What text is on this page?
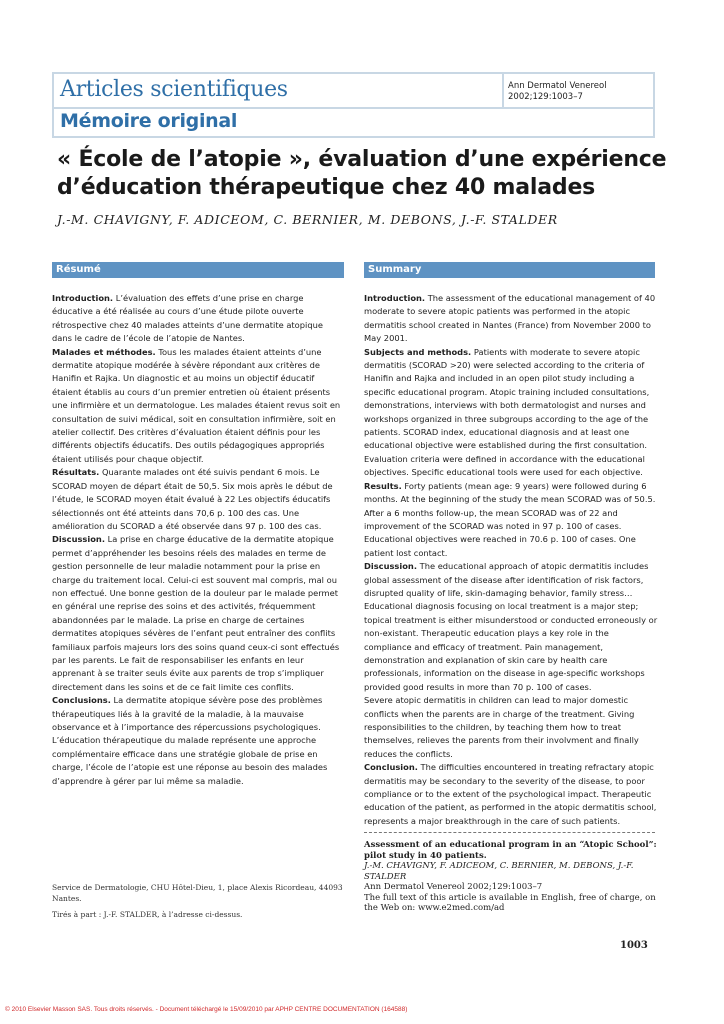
Articles scientifiques
Mémoire original
Ann Dermatol Venereol
2002;129:1003–7
« École de l’atopie », évaluation d’une expérience
d’éducation thérapeutique chez 40 malades
J.-M. CHAVIGNY, F. ADICEOM, C. BERNIER, M. DEBONS, J.-F. STALDER
Résumé	Summary

Introduction. L’évaluation des effets d’une prise en charge éducative a été réalisée au cours d’une étude pilote ouverte rétrospective chez 40 malades atteints d’une dermatite atopique dans le cadre de l’école de l’atopie de Nantes.

Malades et méthodes. Tous les malades étaient atteints d’une dermatite atopique modérée à sévère répondant aux critères de Hanifin et Rajka. Un diagnostic et au moins un objectif éducatif étaient établis au cours d’un premier entretien où étaient présents une infirmière et un dermatologue. Les malades étaient revus soit en consultation de suivi médical, soit en consultation infirmière, soit en atelier collectif. Des critères d’évaluation étaient définis pour les différents objectifs éducatifs. Des outils pédagogiques appropriés étaient utilisés pour chaque objectif.

Résultats. Quarante malades ont été suivis pendant 6 mois. Le SCORAD moyen de départ était de 50,5. Six mois après le début de l’étude, le SCORAD moyen était évalué à 22 Les objectifs éducatifs sélectionnés ont été atteints dans 70,6 p. 100 des cas. Une amélioration du SCORAD a été observée dans 97 p. 100 des cas.

Discussion. La prise en charge éducative de la dermatite atopique permet d’appréhender les besoins réels des malades en terme de gestion personnelle de leur maladie notamment pour la prise en charge du traitement local. Celui-ci est souvent mal compris, mal ou non effectué. Une bonne gestion de la douleur par le malade permet en général une reprise des soins et des activités, fréquemment abandonnées par le malade. La prise en charge de certaines dermatites atopiques sévères de l’enfant peut entraîner des conflits familiaux parfois majeurs lors des soins quand ceux-ci sont effectués par les parents. Le fait de responsabiliser les enfants en leur apprenant à se traiter seuls évite aux parents de trop s’impliquer directement dans les soins et de ce fait limite ces conflits.

Conclusions. La dermatite atopique sévère pose des problèmes thérapeutiques liés à la gravité de la maladie, à la mauvaise observance et à l’importance des répercussions psychologiques. L’éducation thérapeutique du malade représente une approche complémentaire efficace dans une stratégie globale de prise en charge, l’école de l’atopie est une réponse au besoin des malades d’apprendre à gérer par lui même sa maladie.

Service de Dermatologie, CHU Hôtel-Dieu, 1, place Alexis Ricordeau, 44093 Nantes.
Tirés à part : J.-F. STALDER, à l’adresse ci-dessus.

Introduction. The assessment of the educational management of 40 moderate to severe atopic patients was performed in the atopic dermatitis school created in Nantes (France) from November 2000 to May 2001.

Subjects and methods. Patients with moderate to severe atopic dermatitis (SCORAD >20) were selected according to the criteria of Hanifin and Rajka and included in an open pilot study including a specific educational program. Atopic training included consultations, demonstrations, interviews with both dermatologist and nurses and workshops organized in three subgroups according to the age of the patients. SCORAD index, educational diagnosis and at least one educational objective were established during the first consultation. Evaluation criteria were defined in accordance with the educational objectives. Specific educational tools were used for each objective.

Results. Forty patients (mean age: 9 years) were followed during 6 months. At the beginning of the study the mean SCORAD was of 50.5. After a 6 months follow-up, the mean SCORAD was of 22 and improvement of the SCORAD was noted in 97 p. 100 of cases. Educational objectives were reached in 70.6 p. 100 of cases. One patient lost contact.

Discussion. The educational approach of atopic dermatitis includes global assessment of the disease after identification of risk factors, disrupted quality of life, skin-damaging behavior, family stress… Educational diagnosis focusing on local treatment is a major step; topical treatment is either misunderstood or conducted erroneously or non-existant. Therapeutic education plays a key role in the compliance and efficacy of treatment. Pain management, demonstration and explanation of skin care by health care professionals, information on the disease in age-specific workshops provided good results in more than 70 p. 100 of cases.

Severe atopic dermatitis in children can lead to major domestic conflicts when the parents are in charge of the treatment. Giving responsibilities to the children, by teaching them how to treat themselves, relieves the parents from their involvment and finally reduces the conflicts.

Conclusion. The difficulties encountered in treating refractary atopic dermatitis may be secondary to the severity of the disease, to poor compliance or to the extent of the psychological impact. Therapeutic education of the patient, as performed in the atopic dermatitis school, represents a major breakthrough in the care of such patients.

Assessment of an educational program in an “Atopic School”: pilot study in 40 patients.
J.-M. CHAVIGNY, F. ADICEOM, C. BERNIER, M. DEBONS, J.-F. STALDER
Ann Dermatol Venereol 2002;129:1003–7
The full text of this article is available in English, free of charge, on the Web on: www.e2med.com/ad
1003
© 2010 Elsevier Masson SAS. Tous droits réservés. - Document téléchargé le 15/09/2010 par APHP CENTRE DOCUMENTATION (164588)
